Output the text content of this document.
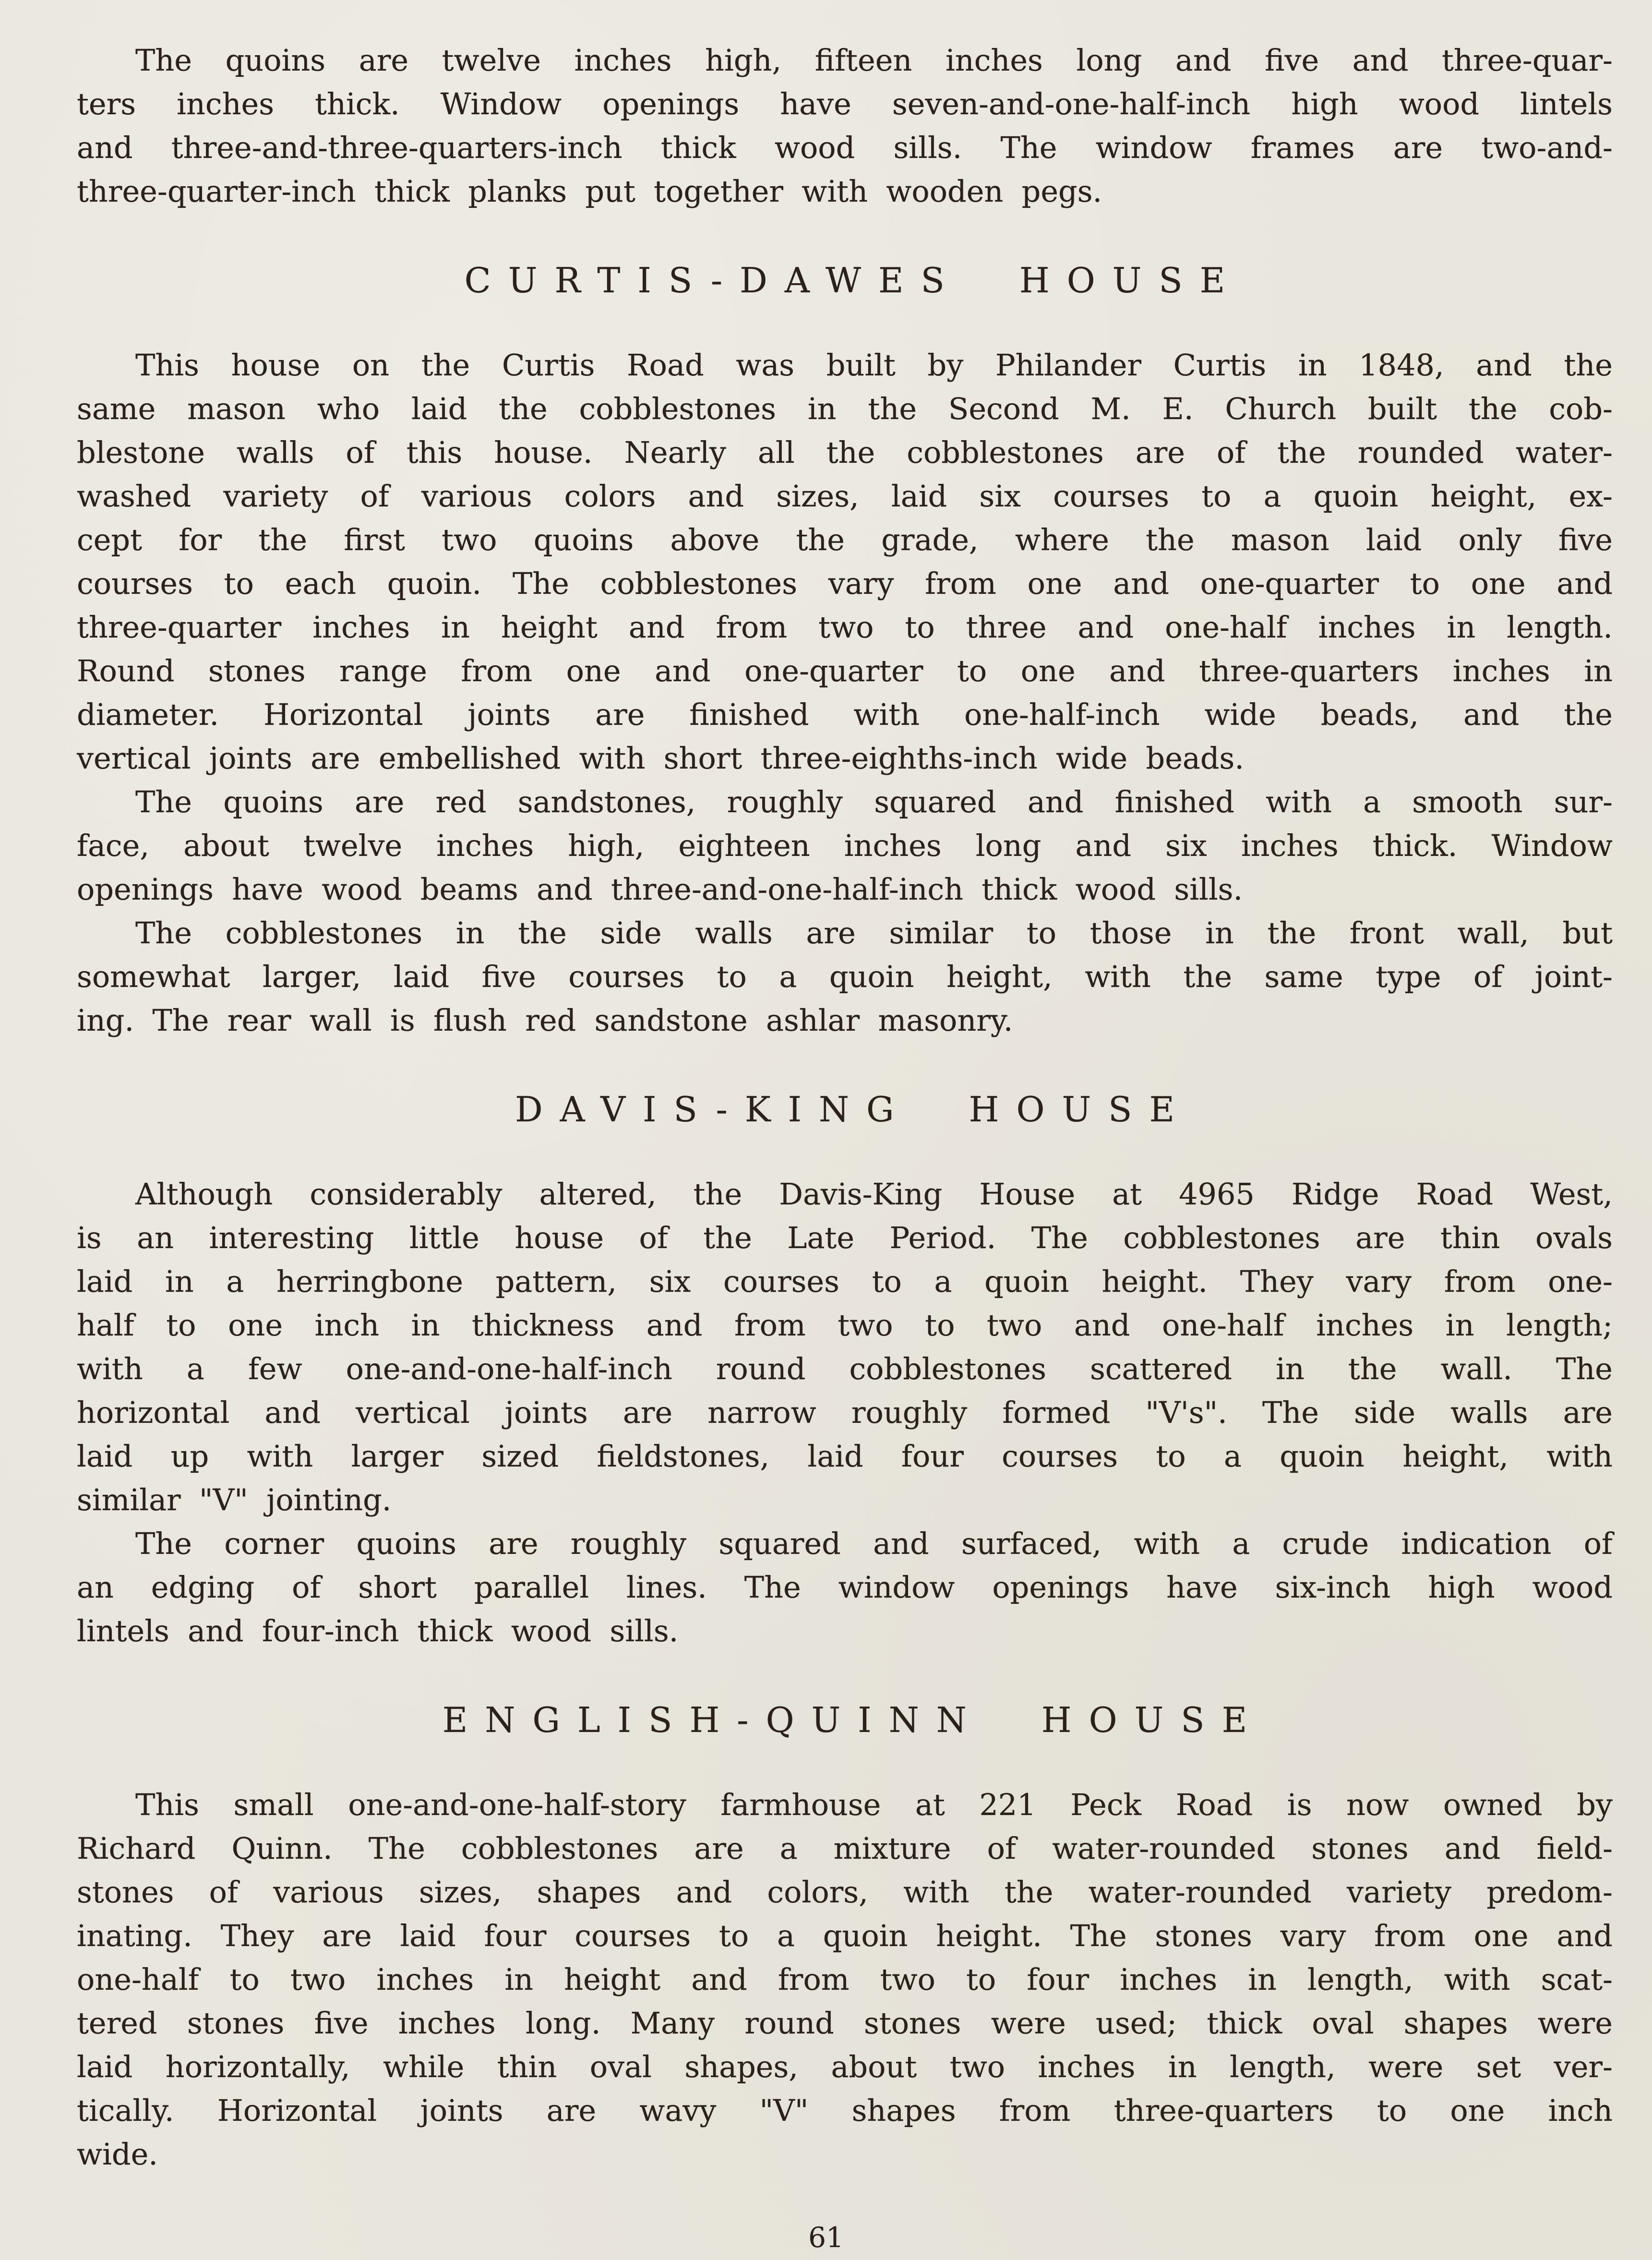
The quoins are twelve inches high, fifteen inches long and five and three-quar-
ters inches thick. Window openings have seven-and-one-half-inch high wood lintels
and three-and-three-quarters-inch thick wood sills. The window frames are two-and-
three-quarter-inch thick planks put together with wooden pegs.
CURTIS-DAWES HOUSE
This house on the Curtis Road was built by Philander Curtis in 1848, and the
same mason who laid the cobblestones in the Second M. E. Church built the cob-
blestone walls of this house. Nearly all the cobblestones are of the rounded water-
washed variety of various colors and sizes, laid six courses to a quoin height, ex-
cept for the first two quoins above the grade, where the mason laid only five
courses to each quoin. The cobblestones vary from one and one-quarter to one and
three-quarter inches in height and from two to three and one-half inches in length.
Round stones range from one and one-quarter to one and three-quarters inches in
diameter. Horizontal joints are finished with one-half-inch wide beads, and the
vertical joints are embellished with short three-eighths-inch wide beads.
The quoins are red sandstones, roughly squared and finished with a smooth sur-
face, about twelve inches high, eighteen inches long and six inches thick. Window
openings have wood beams and three-and-one-half-inch thick wood sills.
The cobblestones in the side walls are similar to those in the front wall, but
somewhat larger, laid five courses to a quoin height, with the same type of joint-
ing. The rear wall is flush red sandstone ashlar masonry.
DAVIS-KING HOUSE
Although considerably altered, the Davis-King House at 4965 Ridge Road West,
is an interesting little house of the Late Period. The cobblestones are thin ovals
laid in a herringbone pattern, six courses to a quoin height. They vary from one-
half to one inch in thickness and from two to two and one-half inches in length;
with a few one-and-one-half-inch round cobblestones scattered in the wall. The
horizontal and vertical joints are narrow roughly formed "V's". The side walls are
laid up with larger sized fieldstones, laid four courses to a quoin height, with
similar "V" jointing.
The corner quoins are roughly squared and surfaced, with a crude indication of
an edging of short parallel lines. The window openings have six-inch high wood
lintels and four-inch thick wood sills.
ENGLISH-QUINN HOUSE
This small one-and-one-half-story farmhouse at 221 Peck Road is now owned by
Richard Quinn. The cobblestones are a mixture of water-rounded stones and field-
stones of various sizes, shapes and colors, with the water-rounded variety predom-
inating. They are laid four courses to a quoin height. The stones vary from one and
one-half to two inches in height and from two to four inches in length, with scat-
tered stones five inches long. Many round stones were used; thick oval shapes were
laid horizontally, while thin oval shapes, about two inches in length, were set ver-
tically. Horizontal joints are wavy "V" shapes from three-quarters to one inch
wide.
61
